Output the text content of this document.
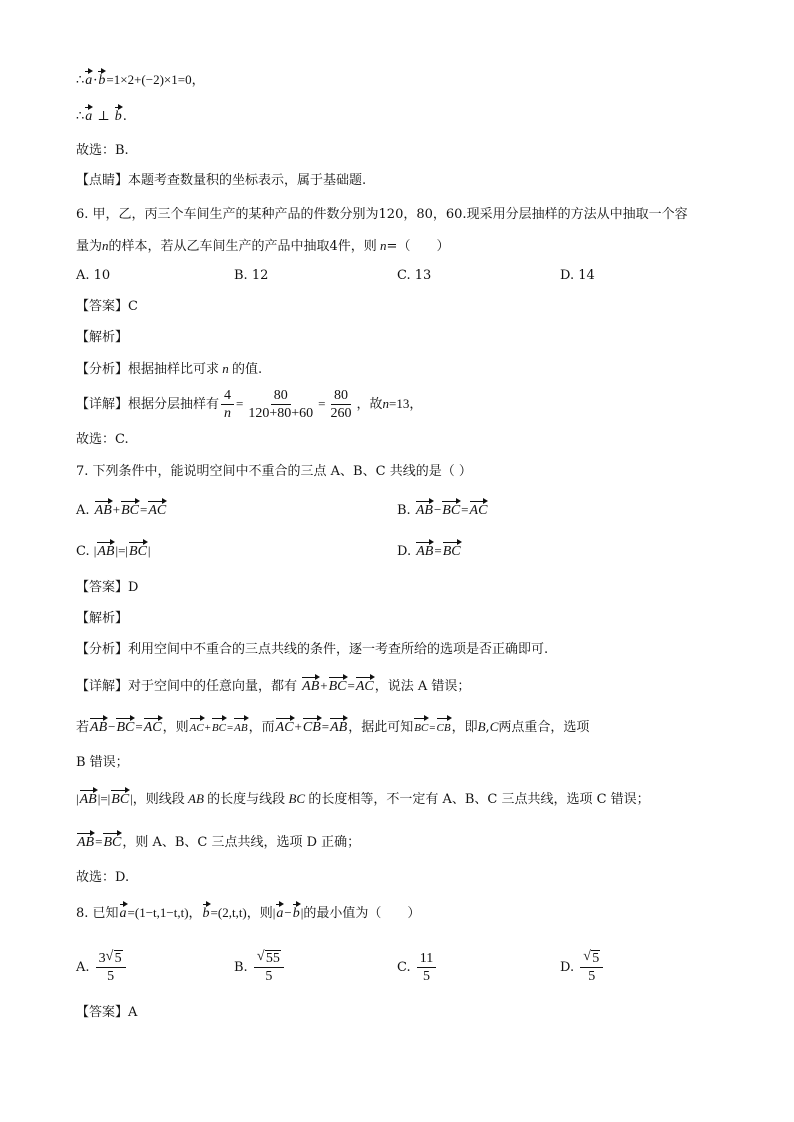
∴a·b=1×2+(−2)×1=0，
∴a ⊥ b.
故选：B.
【点睛】本题考查数量积的坐标表示，属于基础题.
6. 甲，乙，丙三个车间生产的某种产品的件数分别为120，80，60.现采用分层抽样的方法从中抽取一个容
量为n的样本，若从乙车间生产的产品中抽取4件，则 n=（　　）
A. 10	B. 12	C. 13	D. 14
【答案】C
【解析】
【分析】根据抽样比可求 n 的值.
【详解】根据分层抽样有 $\frac{4}{n} = \frac{80}{120+80+60} = \frac{80}{260}$ ，故n=13，
故选：C.
7. 下列条件中，能说明空间中不重合的三点 A、B、C 共线的是（ ）
A. AB+BC=AC	B. AB−BC=AC
C. |AB|=|BC|	D. AB=BC
【答案】D
【解析】
【分析】利用空间中不重合的三点共线的条件，逐一考查所给的选项是否正确即可.
【详解】对于空间中的任意向量，都有 AB+BC=AC，说法 A 错误；
若AB−BC=AC，则AC+BC=AB，而AC+CB=AB，据此可知BC=CB，即B,C两点重合，选项
B 错误；
|AB|=|BC|，则线段 AB 的长度与线段 BC 的长度相等，不一定有 A、B、C 三点共线，选项 C 错误；
AB=BC，则 A、B、C 三点共线，选项 D 正确；
故选：D.
8. 已知a=(1−t,1−t,t)，b=(2,t,t)，则|a−b|的最小值为（　　）
A. $\frac{3 √ 5}{5}$	B. $\frac{√ 55}{5}$	C. $\frac{11}{5}$	D. $\frac{√ 5}{5}$
【答案】A
